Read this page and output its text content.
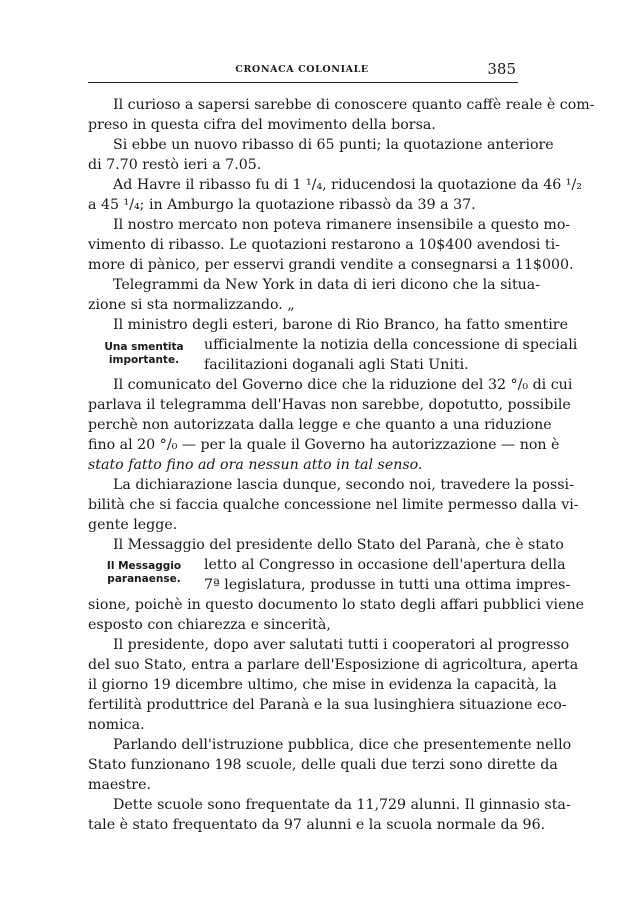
CRONACA COLONIALE	385
Il curioso a sapersi sarebbe di conoscere quanto caffè reale è com-
preso in questa cifra del movimento della borsa.
Si ebbe un nuovo ribasso di 65 punti; la quotazione anteriore
di 7.70 restò ieri a 7.05.
Ad Havre il ribasso fu di 1 ¹/₄, riducendosi la quotazione da 46 ¹/₂
a 45 ¹/₄; in Amburgo la quotazione ribassò da 39 a 37.
Il nostro mercato non poteva rimanere insensibile a questo mo-
vimento di ribasso. Le quotazioni restarono a 10$400 avendosi ti-
more di pànico, per esservi grandi vendite a consegnarsi a 11$000.
Telegrammi da New York in data di ieri dicono che la situa-
zione si sta normalizzando. „
Una smentita
importante.
Il ministro degli esteri, barone di Rio Branco, ha fatto smentire
ufficialmente la notizia della concessione di speciali
facilitazioni doganali agli Stati Uniti.
Il comunicato del Governo dice che la riduzione del 32 °/₀ di cui
parlava il telegramma dell'Havas non sarebbe, dopotutto, possibile
perchè non autorizzata dalla legge e che quanto a una riduzione
fino al 20 °/₀ — per la quale il Governo ha autorizzazione — non è
stato fatto fino ad ora nessun atto in tal senso.
La dichiarazione lascia dunque, secondo noi, travedere la possi-
bilità che si faccia qualche concessione nel limite permesso dalla vi-
gente legge.
Il Messaggio
paranaense.
Il Messaggio del presidente dello Stato del Paranà, che è stato
letto al Congresso in occasione dell'apertura della
7ª legislatura, produsse in tutti una ottima impres-
sione, poichè in questo documento lo stato degli affari pubblici viene
esposto con chiarezza e sincerità,
Il presidente, dopo aver salutati tutti i cooperatori al progresso
del suo Stato, entra a parlare dell'Esposizione di agricoltura, aperta
il giorno 19 dicembre ultimo, che mise in evidenza la capacità, la
fertilità produttrice del Paranà e la sua lusinghiera situazione eco-
nomica.
Parlando dell'istruzione pubblica, dice che presentemente nello
Stato funzionano 198 scuole, delle quali due terzi sono dirette da
maestre.
Dette scuole sono frequentate da 11,729 alunni. Il ginnasio sta-
tale è stato frequentato da 97 alunni e la scuola normale da 96.
